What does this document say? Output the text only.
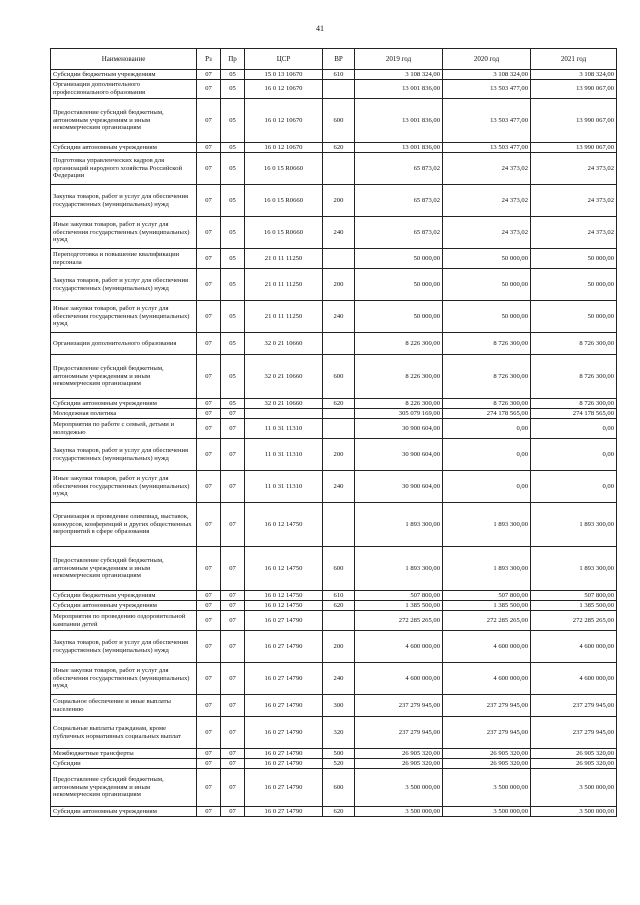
41
Наименование	Рз	Пр	ЦСР	ВР	2019 год	2020 год	2021 год
Субсидии бюджетным учреждениям	07	05	15 0 13 10670	610	3 108 324,00	3 108 324,00	3 108 324,00
Организации дополнительного профессионального образования	07	05	16 0 12 10670		13 001 836,00	13 503 477,00	13 990 067,00
Предоставление субсидий бюджетным, автономным учреждениям и иным некоммерческим организациям	07	05	16 0 12 10670	600	13 001 836,00	13 503 477,00	13 990 067,00
Субсидии автономным учреждениям	07	05	16 0 12 10670	620	13 001 836,00	13 503 477,00	13 990 067,00
Подготовка управленческих кадров для организаций народного хозяйства Российской Федерации	07	05	16 0 15 R0660		65 873,02	24 373,02	24 373,02
Закупка товаров, работ и услуг для обеспечения государственных (муниципальных) нужд	07	05	16 0 15 R0660	200	65 873,02	24 373,02	24 373,02
Иные закупки товаров, работ и услуг для обеспечения государственных (муниципальных) нужд	07	05	16 0 15 R0660	240	65 873,02	24 373,02	24 373,02
Переподготовка и повышение квалификации персонала	07	05	21 0 11 11250		50 000,00	50 000,00	50 000,00
Закупка товаров, работ и услуг для обеспечения государственных (муниципальных) нужд	07	05	21 0 11 11250	200	50 000,00	50 000,00	50 000,00
Иные закупки товаров, работ и услуг для обеспечения государственных (муниципальных) нужд	07	05	21 0 11 11250	240	50 000,00	50 000,00	50 000,00
Организации дополнительного образования	07	05	32 0 21 10660		8 226 300,00	8 726 300,00	8 726 300,00
Предоставление субсидий бюджетным, автономным учреждениям и иным некоммерческим организациям	07	05	32 0 21 10660	600	8 226 300,00	8 726 300,00	8 726 300,00
Субсидии автономным учреждениям	07	05	32 0 21 10660	620	8 226 300,00	8 726 300,00	8 726 300,00
Молодежная политика	07	07			305 079 169,00	274 178 565,00	274 178 565,00
Мероприятия по работе с семьей, детьми и молодежью	07	07	11 0 31 11310		30 900 604,00	0,00	0,00
Закупка товаров, работ и услуг для обеспечения государственных (муниципальных) нужд	07	07	11 0 31 11310	200	30 900 604,00	0,00	0,00
Иные закупки товаров, работ и услуг для обеспечения государственных (муниципальных) нужд	07	07	11 0 31 11310	240	30 900 604,00	0,00	0,00
Организация и проведение олимпиад, выставок, конкурсов, конференций и других общественных мероприятий в сфере образования	07	07	16 0 12 14750		1 893 300,00	1 893 300,00	1 893 300,00
Предоставление субсидий бюджетным, автономным учреждениям и иным некоммерческим организациям	07	07	16 0 12 14750	600	1 893 300,00	1 893 300,00	1 893 300,00
Субсидии бюджетным учреждениям	07	07	16 0 12 14750	610	507 800,00	507 800,00	507 800,00
Субсидии автономным учреждениям	07	07	16 0 12 14750	620	1 385 500,00	1 385 500,00	1 385 500,00
Мероприятия по проведению оздоровительной кампании детей	07	07	16 0 27 14790		272 285 265,00	272 285 265,00	272 285 265,00
Закупка товаров, работ и услуг для обеспечения государственных (муниципальных) нужд	07	07	16 0 27 14790	200	4 600 000,00	4 600 000,00	4 600 000,00
Иные закупки товаров, работ и услуг для обеспечения государственных (муниципальных) нужд	07	07	16 0 27 14790	240	4 600 000,00	4 600 000,00	4 600 000,00
Социальное обеспечение и иные выплаты населению	07	07	16 0 27 14790	300	237 279 945,00	237 279 945,00	237 279 945,00
Социальные выплаты гражданам, кроме публичных нормативных социальных выплат	07	07	16 0 27 14790	320	237 279 945,00	237 279 945,00	237 279 945,00
Межбюджетные трансферты	07	07	16 0 27 14790	500	26 905 320,00	26 905 320,00	26 905 320,00
Субсидии	07	07	16 0 27 14790	520	26 905 320,00	26 905 320,00	26 905 320,00
Предоставление субсидий бюджетным, автономным учреждениям и иным некоммерческим организациям	07	07	16 0 27 14790	600	3 500 000,00	3 500 000,00	3 500 000,00
Субсидии автономным учреждениям	07	07	16 0 27 14790	620	3 500 000,00	3 500 000,00	3 500 000,00
